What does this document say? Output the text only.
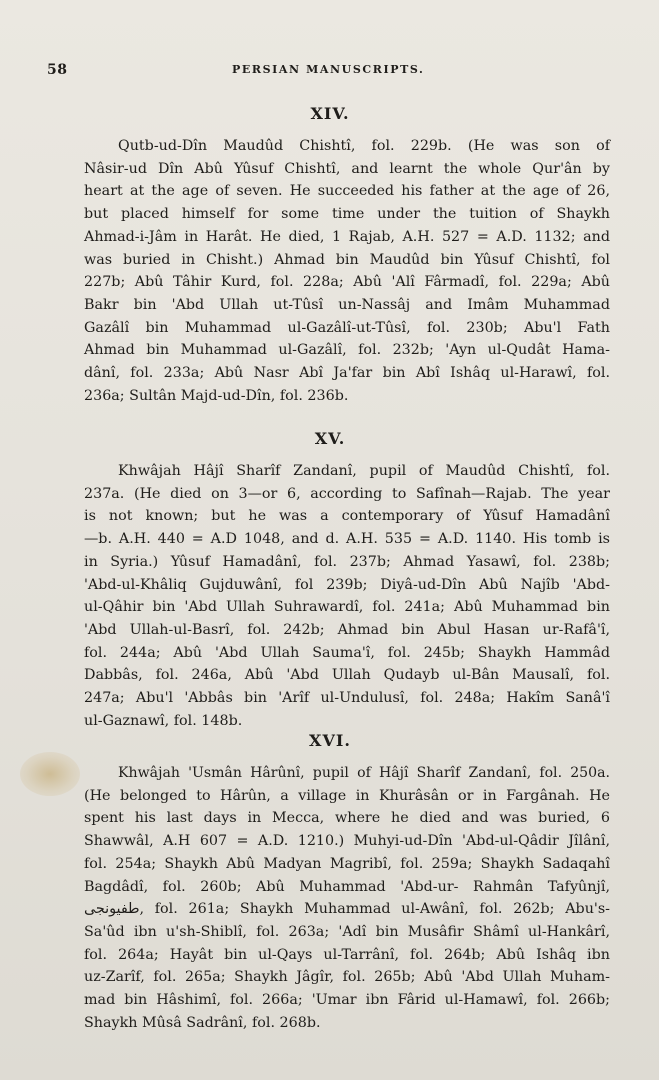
58	PERSIAN MANUSCRIPTS.
XIV.
Qutb-ud-Dîn Maudûd Chishtî, fol. 229b. (He was son of
Nâsir-ud Dîn Abû Yûsuf Chishtî, and learnt the whole Qur'ân by
heart at the age of seven. He succeeded his father at the age of 26,
but placed himself for some time under the tuition of Shaykh
Ahmad-i-Jâm in Harât. He died, 1 Rajab, A.H. 527 = A.D. 1132; and
was buried in Chisht.) Ahmad bin Maudûd bin Yûsuf Chishtî, fol
227b; Abû Tâhir Kurd, fol. 228a; Abû 'Alî Fârmadî, fol. 229a; Abû
Bakr bin 'Abd Ullah ut-Tûsî un-Nassâj and Imâm Muhammad
Gazâlî bin Muhammad ul-Gazâlî-ut-Tûsî, fol. 230b; Abu'l Fath
Ahmad bin Muhammad ul-Gazâlî, fol. 232b; 'Ayn ul-Qudât Hama-
dânî, fol. 233a; Abû Nasr Abî Ja'far bin Abî Ishâq ul-Harawî, fol.
236a; Sultân Majd-ud-Dîn, fol. 236b.
XV.
Khwâjah Hâjî Sharîf Zandanî, pupil of Maudûd Chishtî, fol.
237a. (He died on 3—or 6, according to Safînah—Rajab. The year
is not known; but he was a contemporary of Yûsuf Hamadânî
—b. A.H. 440 = A.D 1048, and d. A.H. 535 = A.D. 1140. His tomb is
in Syria.) Yûsuf Hamadânî, fol. 237b; Ahmad Yasawî, fol. 238b;
'Abd-ul-Khâliq Gujduwânî, fol 239b; Diyâ-ud-Dîn Abû Najîb 'Abd-
ul-Qâhir bin 'Abd Ullah Suhrawardî, fol. 241a; Abû Muhammad bin
'Abd Ullah-ul-Basrî, fol. 242b; Ahmad bin Abul Hasan ur-Rafâ'î,
fol. 244a; Abû 'Abd Ullah Sauma'î, fol. 245b; Shaykh Hammâd
Dabbâs, fol. 246a, Abû 'Abd Ullah Qudayb ul-Bân Mausalî, fol.
247a; Abu'l 'Abbâs bin 'Arîf ul-Undulusî, fol. 248a; Hakîm Sanâ'î
ul-Gaznawî, fol. 148b.
XVI.
Khwâjah 'Usmân Hârûnî, pupil of Hâjî Sharîf Zandanî, fol. 250a.
(He belonged to Hârûn, a village in Khurâsân or in Fargânah. He
spent his last days in Mecca, where he died and was buried, 6
Shawwâl, A.H 607 = A.D. 1210.) Muhyi-ud-Dîn 'Abd-ul-Qâdir Jîlânî,
fol. 254a; Shaykh Abû Madyan Magribî, fol. 259a; Shaykh Sadaqahî
Bagdâdî, fol. 260b; Abû Muhammad 'Abd-ur- Rahmân Tafyûnjî,
طفيونجى, fol. 261a; Shaykh Muhammad ul-Awânî, fol. 262b; Abu's-
Sa'ûd ibn u'sh-Shiblî, fol. 263a; 'Adî bin Musâfir Shâmî ul-Hankârî,
fol. 264a; Hayât bin ul-Qays ul-Tarrânî, fol. 264b; Abû Ishâq ibn
uz-Zarîf, fol. 265a; Shaykh Jâgîr, fol. 265b; Abû 'Abd Ullah Muham-
mad bin Hâshimî, fol. 266a; 'Umar ibn Fârid ul-Hamawî, fol. 266b;
Shaykh Mûsâ Sadrânî, fol. 268b.
